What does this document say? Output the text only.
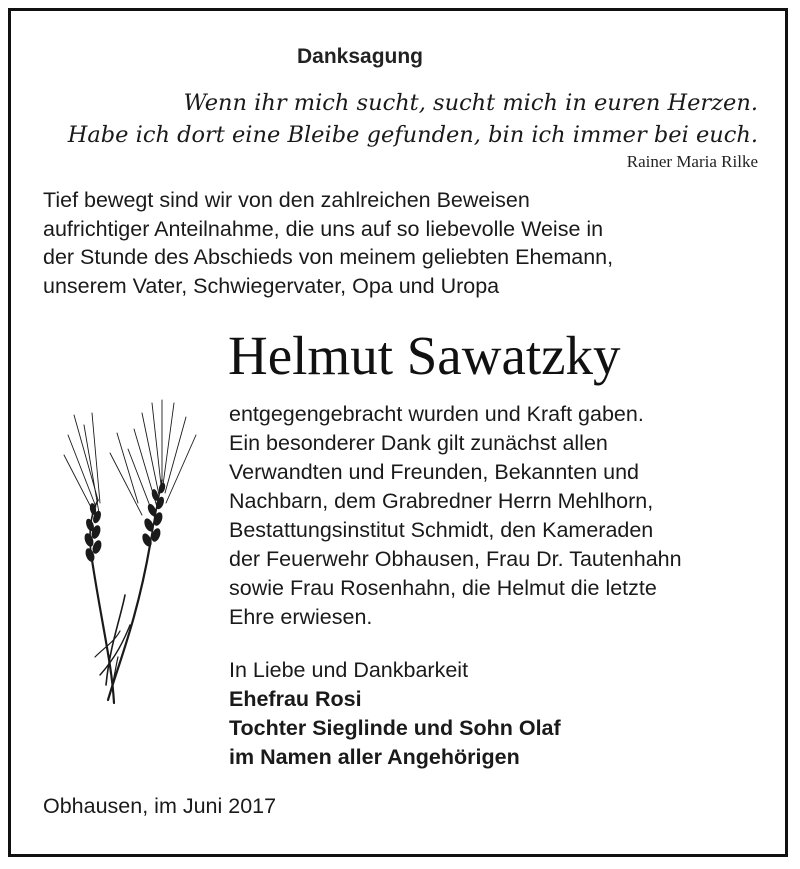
Danksagung
Wenn ihr mich sucht, sucht mich in euren Herzen.
Habe ich dort eine Bleibe gefunden, bin ich immer bei euch.
Rainer Maria Rilke
Tief bewegt sind wir von den zahlreichen Beweisen
aufrichtiger Anteilnahme, die uns auf so liebevolle Weise in
der Stunde des Abschieds von meinem geliebten Ehemann,
unserem Vater, Schwiegervater, Opa und Uropa
Helmut Sawatzky
entgegengebracht wurden und Kraft gaben.
Ein besonderer Dank gilt zunächst allen
Verwandten und Freunden, Bekannten und
Nachbarn, dem Grabredner Herrn Mehlhorn,
Bestattungsinstitut Schmidt, den Kameraden
der Feuerwehr Obhausen, Frau Dr. Tautenhahn
sowie Frau Rosenhahn, die Helmut die letzte
Ehre erwiesen.
In Liebe und Dankbarkeit
Ehefrau Rosi
Tochter Sieglinde und Sohn Olaf
im Namen aller Angehörigen
Obhausen, im Juni 2017
